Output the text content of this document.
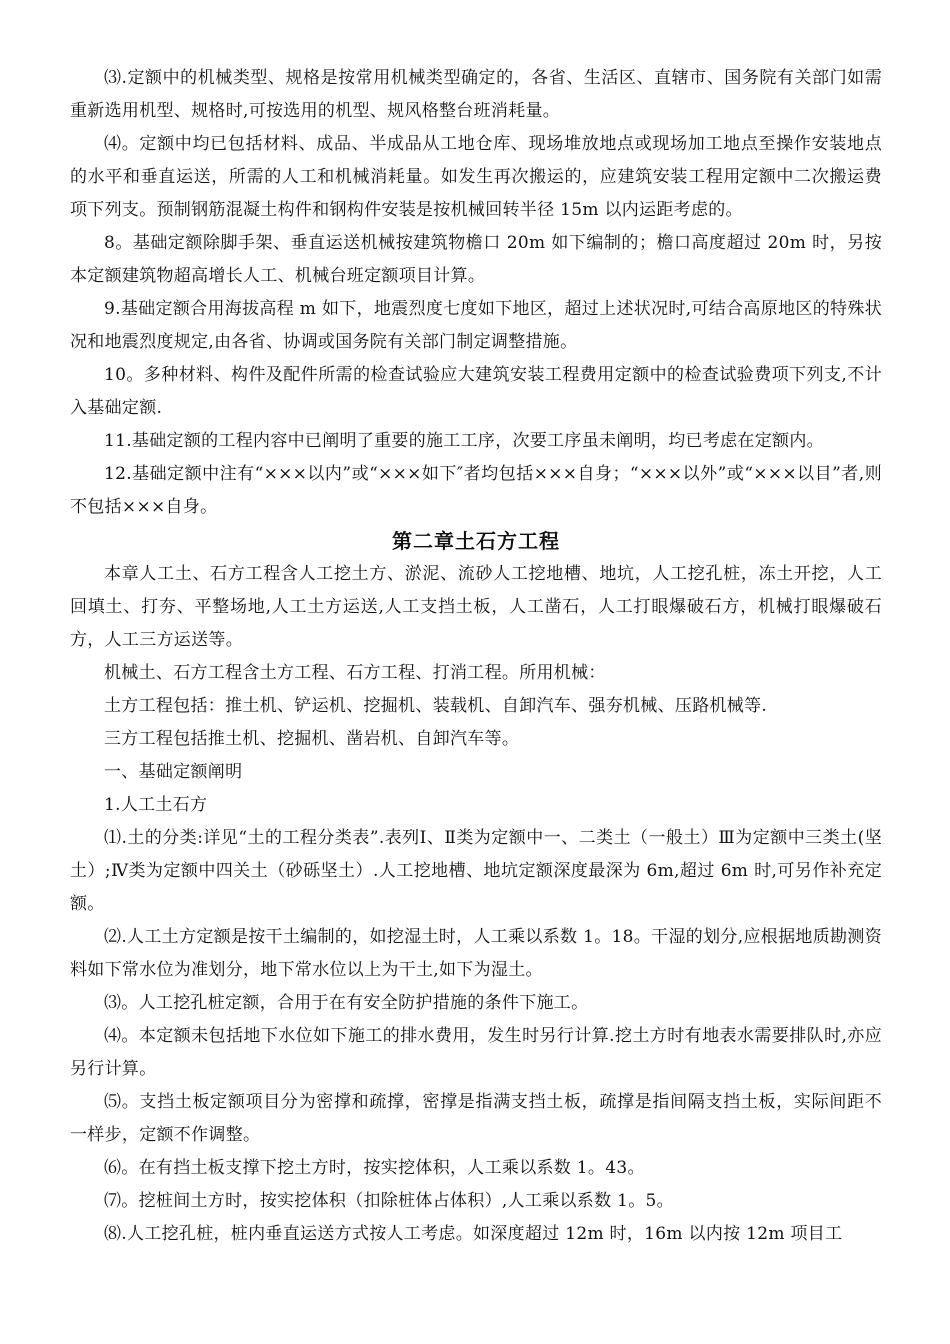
⑶.定额中的机械类型、规格是按常用机械类型确定的，各省、生活区、直辖市、国务院有关部门如需重新选用机型、规格时,可按选用的机型、规风格整台班消耗量。

⑷。定额中均已包括材料、成品、半成品从工地仓库、现场堆放地点或现场加工地点至操作安装地点的水平和垂直运送，所需的人工和机械消耗量。如发生再次搬运的，应建筑安装工程用定额中二次搬运费项下列支。预制钢筋混凝土构件和钢构件安装是按机械回转半径 15m 以内运距考虑的。

8。基础定额除脚手架、垂直运送机械按建筑物檐口 20m 如下编制的；檐口高度超过 20m 时，另按本定额建筑物超高增长人工、机械台班定额项目计算。

9.基础定额合用海拔高程 m 如下，地震烈度七度如下地区，超过上述状况时,可结合高原地区的特殊状况和地震烈度规定,由各省、协调或国务院有关部门制定调整措施。

10。多种材料、构件及配件所需的检查试验应大建筑安装工程费用定额中的检查试验费项下列支,不计入基础定额.

11.基础定额的工程内容中已阐明了重要的施工工序，次要工序虽未阐明，均已考虑在定额内。

12.基础定额中注有“×××以内”或“×××如下″者均包括×××自身；“×××以外”或“×××以目”者,则不包括×××自身。

第二章土石方工程

本章人工土、石方工程含人工挖土方、淤泥、流砂人工挖地槽、地坑，人工挖孔桩，冻土开挖，人工回填土、打夯、平整场地,人工土方运送,人工支挡土板，人工凿石，人工打眼爆破石方，机械打眼爆破石方，人工三方运送等。

机械土、石方工程含土方工程、石方工程、打消工程。所用机械：

土方工程包括：推土机、铲运机、挖掘机、装载机、自卸汽车、强夯机械、压路机械等.

三方工程包括推土机、挖掘机、凿岩机、自卸汽车等。

一、基础定额阐明

1.人工土石方

⑴.土的分类:详见“土的工程分类表”.表列Ⅰ、Ⅱ类为定额中一、二类土（一般土）Ⅲ为定额中三类土(坚土）;Ⅳ类为定额中四关土（砂砾坚土）.人工挖地槽、地坑定额深度最深为 6m,超过 6m 时,可另作补充定额。

⑵.人工土方定额是按干土编制的，如挖湿土时，人工乘以系数 1。18。干湿的划分,应根据地质勘测资料如下常水位为准划分，地下常水位以上为干土,如下为湿土。

⑶。人工挖孔桩定额，合用于在有安全防护措施的条件下施工。

⑷。本定额未包括地下水位如下施工的排水费用，发生时另行计算.挖土方时有地表水需要排队时,亦应另行计算。

⑸。支挡土板定额项目分为密撑和疏撑，密撑是指满支挡土板，疏撑是指间隔支挡土板，实际间距不一样步，定额不作调整。

⑹。在有挡土板支撑下挖土方时，按实挖体积，人工乘以系数 1。43。

⑺。挖桩间土方时，按实挖体积（扣除桩体占体积）,人工乘以系数 1。5。

⑻.人工挖孔桩，桩内垂直运送方式按人工考虑。如深度超过 12m 时，16m 以内按 12m 项目工
